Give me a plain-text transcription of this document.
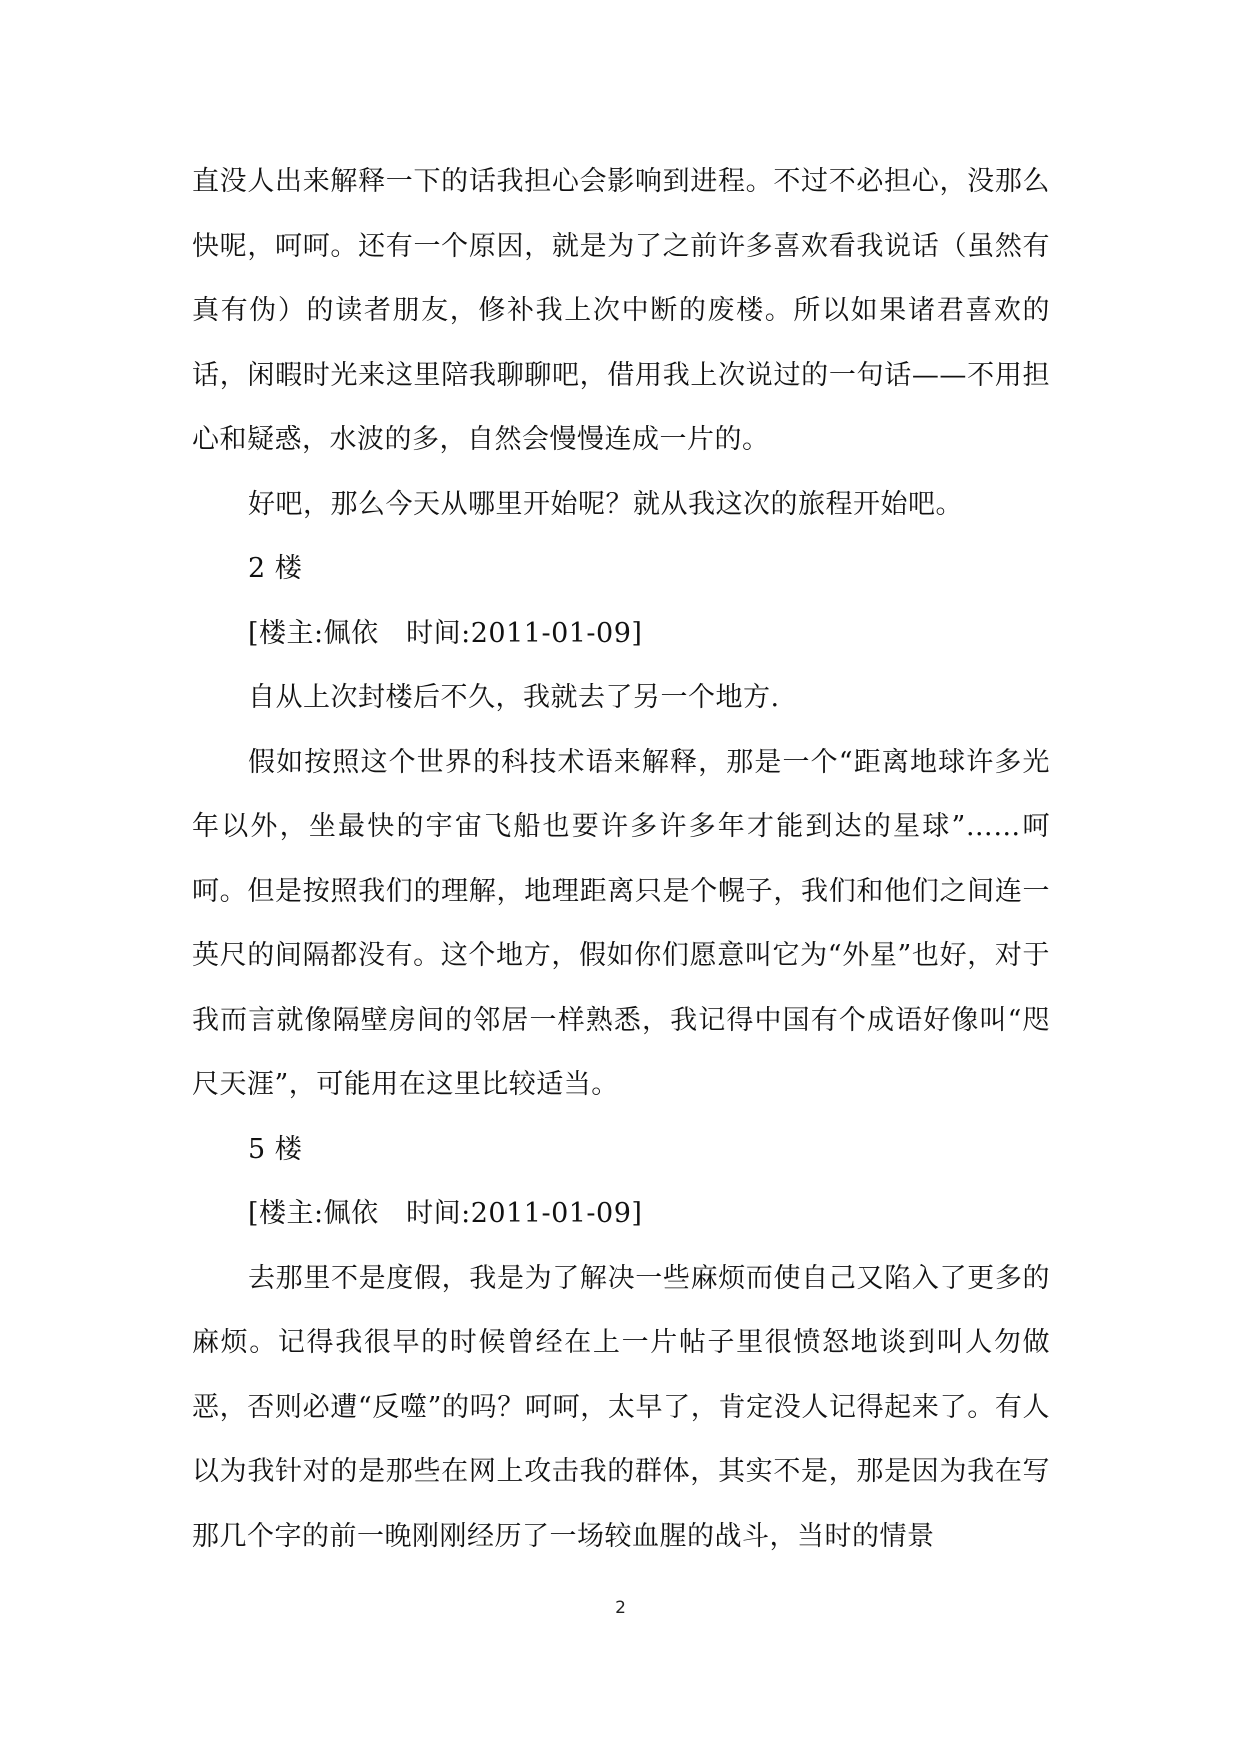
直没人出来解释一下的话我担心会影响到进程。不过不必担心，没那么快呢，呵呵。还有一个原因，就是为了之前许多喜欢看我说话（虽然有真有伪）的读者朋友，修补我上次中断的废楼。所以如果诸君喜欢的话，闲暇时光来这里陪我聊聊吧，借用我上次说过的一句话——不用担心和疑惑，水波的多，自然会慢慢连成一片的。

好吧，那么今天从哪里开始呢？就从我这次的旅程开始吧。

2 楼

[楼主:佩依　时间:2011-01-09]

自从上次封楼后不久，我就去了另一个地方.

假如按照这个世界的科技术语来解释，那是一个“距离地球许多光年以外，坐最快的宇宙飞船也要许多许多年才能到达的星球”……呵呵。但是按照我们的理解，地理距离只是个幌子，我们和他们之间连一英尺的间隔都没有。这个地方，假如你们愿意叫它为“外星”也好，对于我而言就像隔壁房间的邻居一样熟悉，我记得中国有个成语好像叫“咫尺天涯”，可能用在这里比较适当。

5 楼

[楼主:佩依　时间:2011-01-09]

去那里不是度假，我是为了解决一些麻烦而使自己又陷入了更多的麻烦。记得我很早的时候曾经在上一片帖子里很愤怒地谈到叫人勿做恶，否则必遭“反噬”的吗？呵呵，太早了，肯定没人记得起来了。有人以为我针对的是那些在网上攻击我的群体，其实不是，那是因为我在写那几个字的前一晚刚刚经历了一场较血腥的战斗，当时的情景

2
